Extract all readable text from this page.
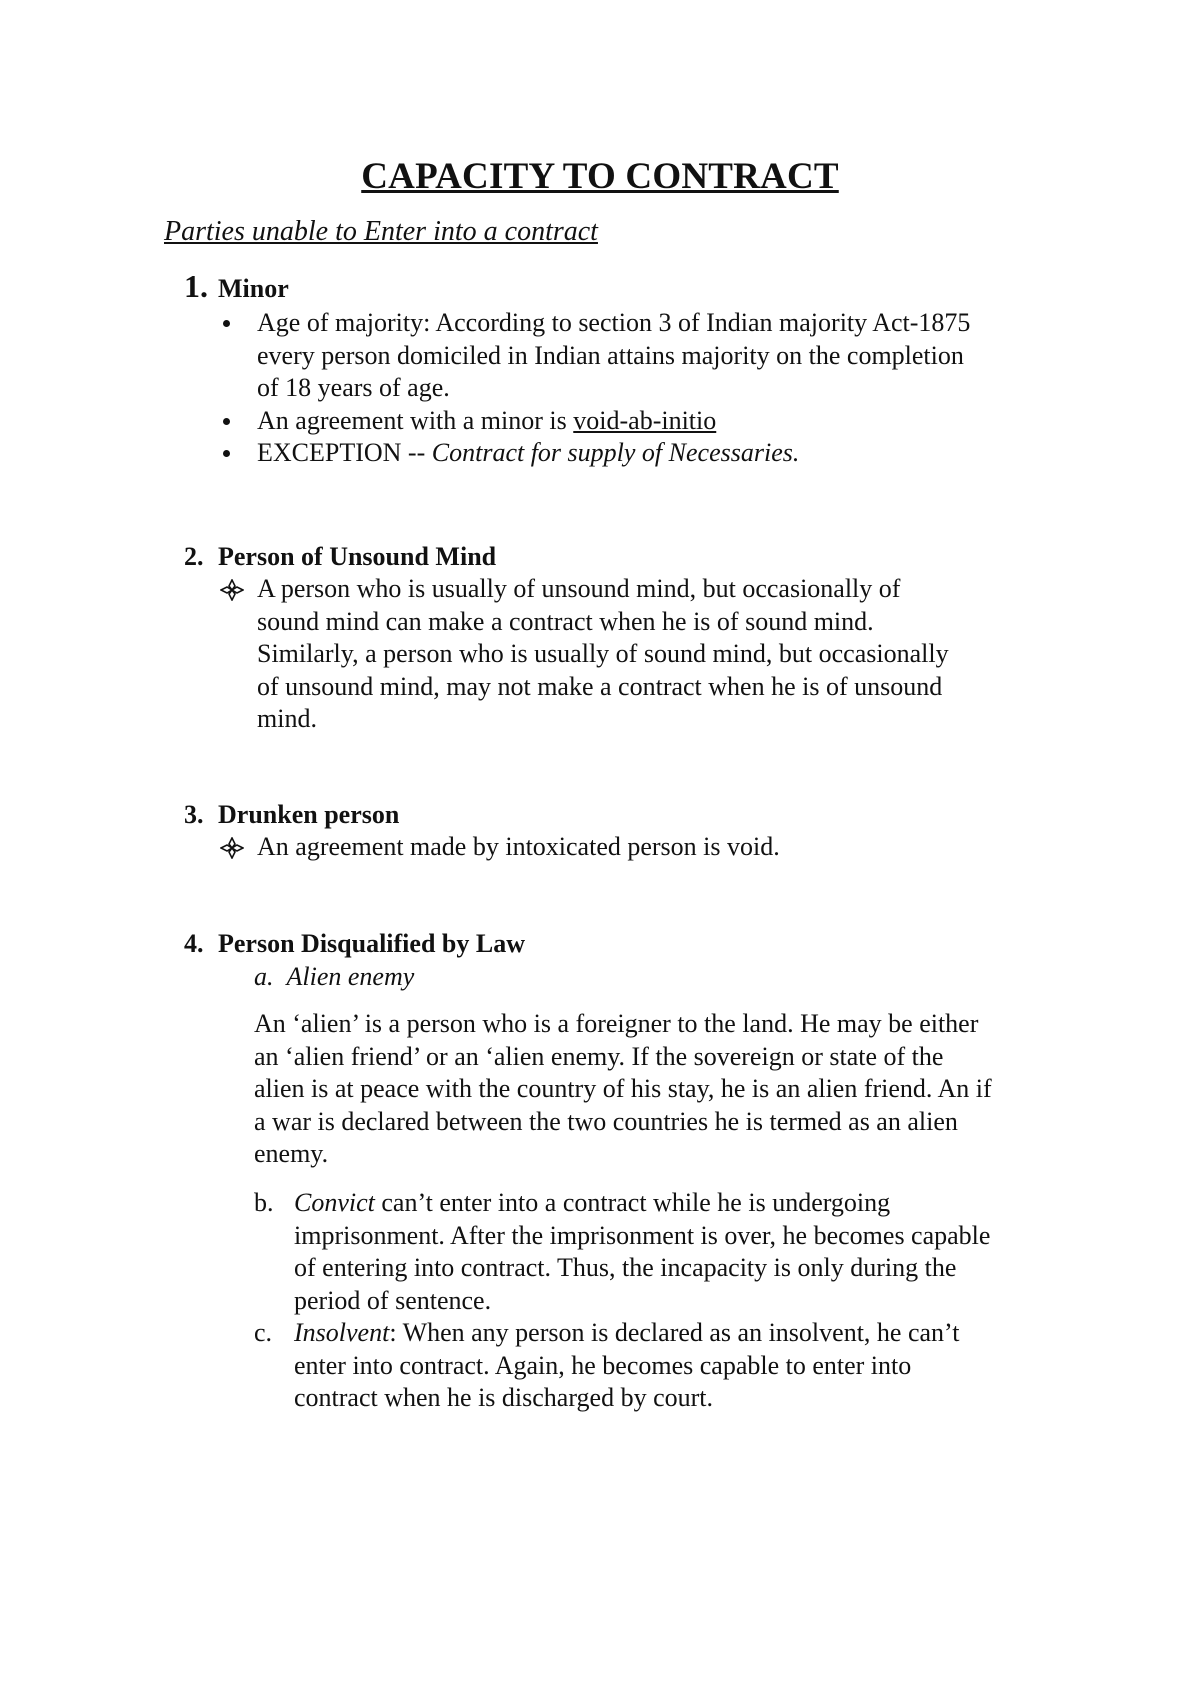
CAPACITY TO CONTRACT
Parties unable to Enter into a contract
1. Minor
Age of majority: According to section 3 of Indian majority Act-1875 every person domiciled in Indian attains majority on the completion of 18 years of age.
An agreement with a minor is void-ab-initio
EXCEPTION -- Contract for supply of Necessaries.
2. Person of Unsound Mind
A person who is usually of unsound mind, but occasionally of sound mind can make a contract when he is of sound mind. Similarly, a person who is usually of sound mind, but occasionally of unsound mind, may not make a contract when he is of unsound mind.
3. Drunken person
An agreement made by intoxicated person is void.
4. Person Disqualified by Law
a. Alien enemy
An ‘alien’ is a person who is a foreigner to the land. He may be either an ‘alien friend’ or an ‘alien enemy. If the sovereign or state of the alien is at peace with the country of his stay, he is an alien friend. An if a war is declared between the two countries he is termed as an alien enemy.
b. Convict can’t enter into a contract while he is undergoing imprisonment. After the imprisonment is over, he becomes capable of entering into contract. Thus, the incapacity is only during the period of sentence.
c. Insolvent: When any person is declared as an insolvent, he can’t enter into contract. Again, he becomes capable to enter into contract when he is discharged by court.
